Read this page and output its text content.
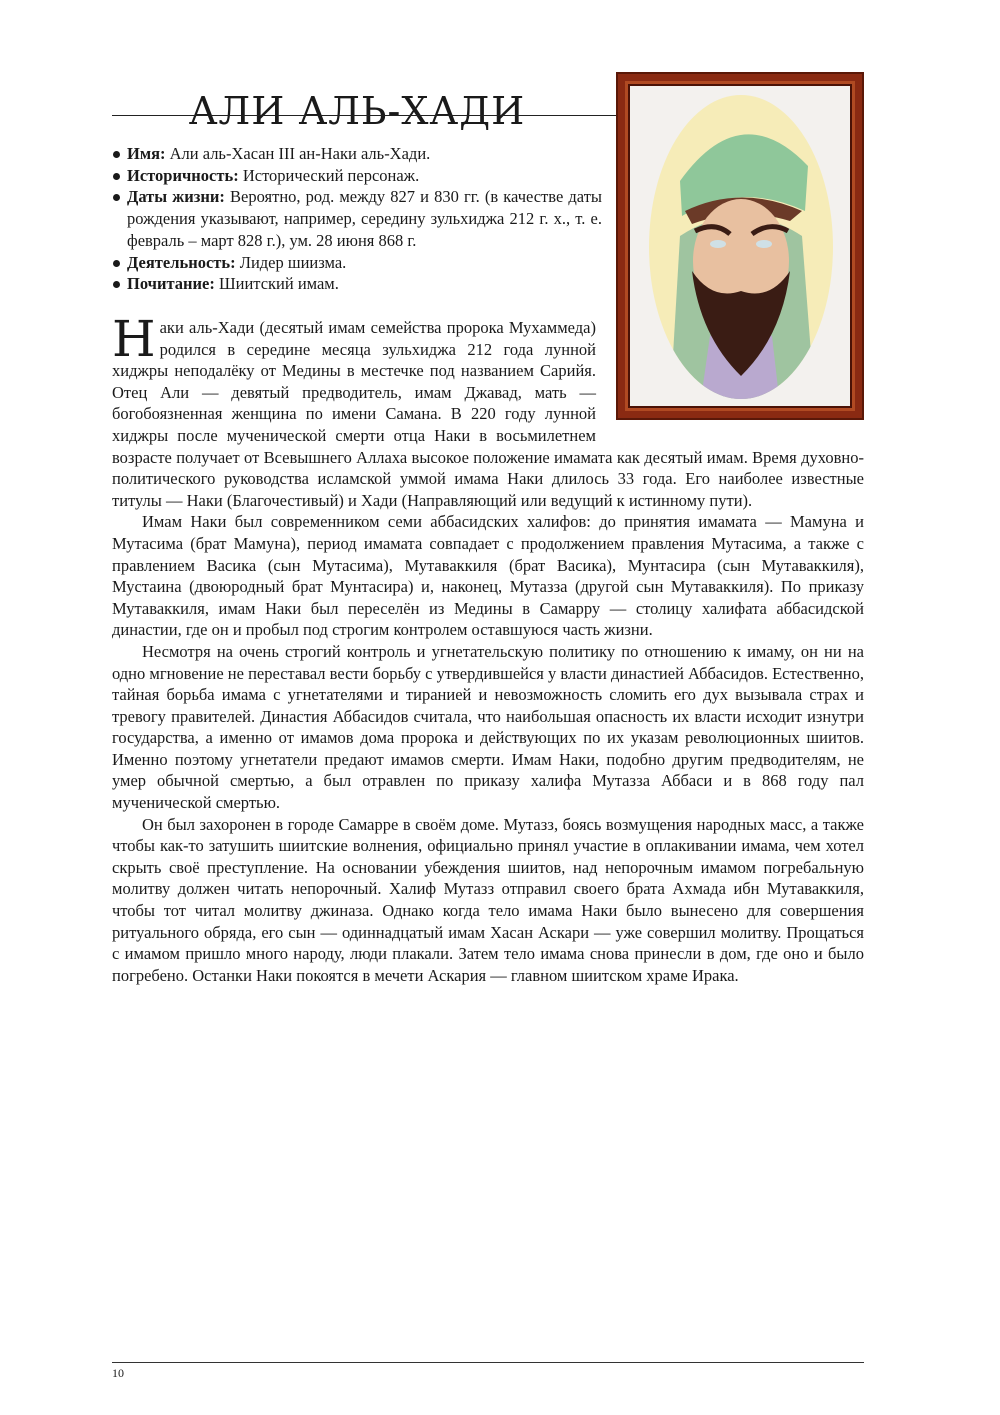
АЛИ АЛЬ-ХАДИ
Имя: Али аль-Хасан III ан-Наки аль-Хади.
Историчность: Исторический персонаж.
Даты жизни: Вероятно, род. между 827 и 830 гг. (в качестве даты рождения указывают, например, середину зульхиджа 212 г. х., т. е. февраль – март 828 г.), ум. 28 июня 868 г.
Деятельность: Лидер шиизма.
Почитание: Шиитский имам.

Наки аль-Хади (десятый имам семейства пророка Мухаммеда) родился в середине месяца зульхиджа 212 года лунной хиджры неподалёку от Медины в местечке под названием Сарийя. Отец Али — девятый предводитель, имам Джавад, мать — богобоязненная женщина по имени Самана. В 220 году лунной хиджры после мученической смерти отца Наки в восьмилетнем возрасте получает от Всевышнего Аллаха высокое положение имамата как десятый имам. Время духовно-политического руководства исламской уммой имама Наки длилось 33 года. Его наиболее известные титулы — Наки (Благочестивый) и Хади (Направляющий или ведущий к истинному пути).

Имам Наки был современником семи аббасидских халифов: до принятия имамата — Мамуна и Мутасима (брат Мамуна), период имамата совпадает с продолжением правления Мутасима, а также с правлением Васика (сын Мутасима), Мутаваккиля (брат Васика), Мунтасира (сын Мутаваккиля), Мустаина (двоюродный брат Мунтасира) и, наконец, Мутазза (другой сын Мутаваккиля). По приказу Мутаваккиля, имам Наки был переселён из Медины в Самарру — столицу халифата аббасидской династии, где он и пробыл под строгим контролем оставшуюся часть жизни.

Несмотря на очень строгий контроль и угнетательскую политику по отношению к имаму, он ни на одно мгновение не переставал вести борьбу с утвердившейся у власти династией Аббасидов. Естественно, тайная борьба имама с угнетателями и тиранией и невозможность сломить его дух вызывала страх и тревогу правителей. Династия Аббасидов считала, что наибольшая опасность их власти исходит изнутри государства, а именно от имамов дома пророка и действующих по их указам революционных шиитов. Именно поэтому угнетатели предают имамов смерти. Имам Наки, подобно другим предводителям, не умер обычной смертью, а был отравлен по приказу халифа Мутазза Аббаси и в 868 году пал мученической смертью.

Он был захоронен в городе Самарре в своём доме. Мутазз, боясь возмущения народных масс, а также чтобы как-то затушить шиитские волнения, официально принял участие в оплакивании имама, чем хотел скрыть своё преступление. На основании убеждения шиитов, над непорочным имамом погребальную молитву должен читать непорочный. Халиф Мутазз отправил своего брата Ахмада ибн Мутаваккиля, чтобы тот читал молитву джиназа. Однако когда тело имама Наки было вынесено для совершения ритуального обряда, его сын — одиннадцатый имам Хасан Аскари — уже совершил молитву. Прощаться с имамом пришло много народу, люди плакали. Затем тело имама снова принесли в дом, где оно и было погребено. Останки Наки покоятся в мечети Аскария — главном шиитском храме Ирака.

10
